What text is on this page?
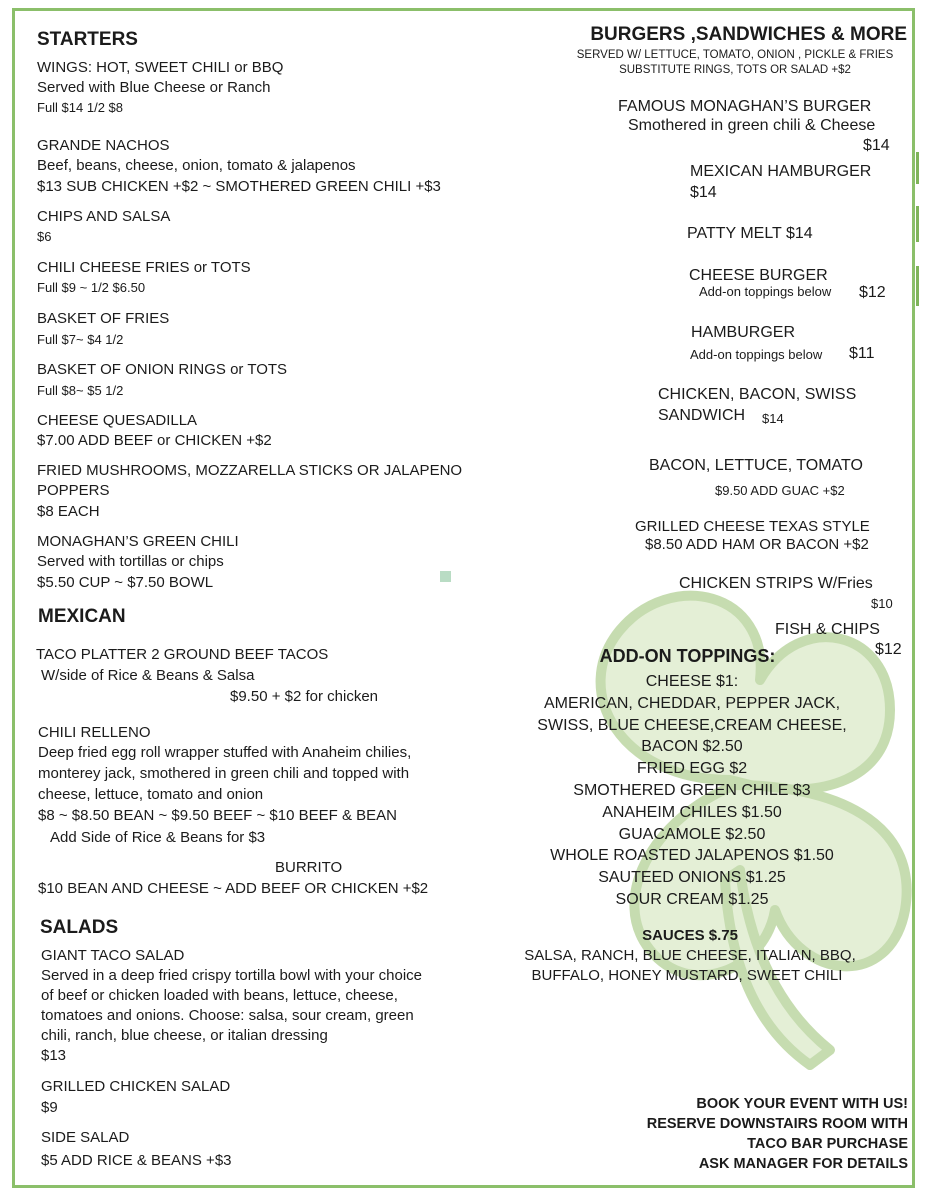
STARTERS
WINGS: HOT, SWEET CHILI or BBQ
Served with Blue Cheese or Ranch
Full $14 1/2 $8
GRANDE NACHOS
Beef, beans, cheese, onion, tomato & jalapenos
$13 SUB CHICKEN +$2 ~ SMOTHERED GREEN CHILI +$3
CHIPS AND SALSA
$6
CHILI CHEESE FRIES or TOTS
Full $9 ~ 1/2 $6.50
BASKET OF FRIES
Full $7~ $4 1/2
BASKET OF ONION RINGS or TOTS
Full $8~ $5 1/2
CHEESE QUESADILLA
$7.00 ADD BEEF or CHICKEN +$2
FRIED MUSHROOMS, MOZZARELLA STICKS OR JALAPENO
POPPERS
$8 EACH
MONAGHAN’S GREEN CHILI
Served with tortillas or chips
$5.50 CUP ~ $7.50 BOWL
MEXICAN
TACO PLATTER 2 GROUND BEEF TACOS
W/side of Rice & Beans & Salsa
$9.50 + $2 for chicken
CHILI RELLENO
Deep fried egg roll wrapper stuffed with Anaheim chilies,
monterey jack, smothered in green chili and topped with
cheese, lettuce, tomato and onion
$8 ~ $8.50 BEAN ~ $9.50 BEEF ~ $10 BEEF & BEAN
Add Side of Rice & Beans for $3
BURRITO
$10 BEAN AND CHEESE ~ ADD BEEF OR CHICKEN +$2
SALADS
GIANT TACO SALAD
Served in a deep fried crispy tortilla bowl with your choice
of beef or chicken loaded with beans, lettuce, cheese,
tomatoes and onions. Choose: salsa, sour cream, green
chili, ranch, blue cheese, or italian dressing
$13
GRILLED CHICKEN SALAD
$9
SIDE SALAD
$5 ADD RICE & BEANS +$3
BURGERS ,SANDWICHES & MORE
SERVED W/ LETTUCE, TOMATO, ONION , PICKLE & FRIES
SUBSTITUTE RINGS, TOTS OR SALAD +$2
FAMOUS MONAGHAN’S BURGER
Smothered in green chili & Cheese
$14
MEXICAN HAMBURGER
$14
PATTY MELT $14
CHEESE BURGER
Add-on toppings below $12
HAMBURGER
Add-on toppings below $11
CHICKEN, BACON, SWISS
SANDWICH $14
BACON, LETTUCE, TOMATO
$9.50 ADD GUAC +$2
GRILLED CHEESE TEXAS STYLE
$8.50 ADD HAM OR BACON +$2
CHICKEN STRIPS W/Fries
$10
FISH & CHIPS
$12
ADD-ON TOPPINGS:
CHEESE $1:
AMERICAN, CHEDDAR, PEPPER JACK,
SWISS, BLUE CHEESE,CREAM CHEESE,
BACON $2.50
FRIED EGG $2
SMOTHERED GREEN CHILE $3
ANAHEIM CHILES $1.50
GUACAMOLE $2.50
WHOLE ROASTED JALAPENOS $1.50
SAUTEED ONIONS $1.25
SOUR CREAM $1.25
SAUCES $.75
SALSA, RANCH, BLUE CHEESE, ITALIAN, BBQ,
BUFFALO, HONEY MUSTARD, SWEET CHILI
BOOK YOUR EVENT WITH US!
RESERVE DOWNSTAIRS ROOM WITH
TACO BAR PURCHASE
ASK MANAGER FOR DETAILS
